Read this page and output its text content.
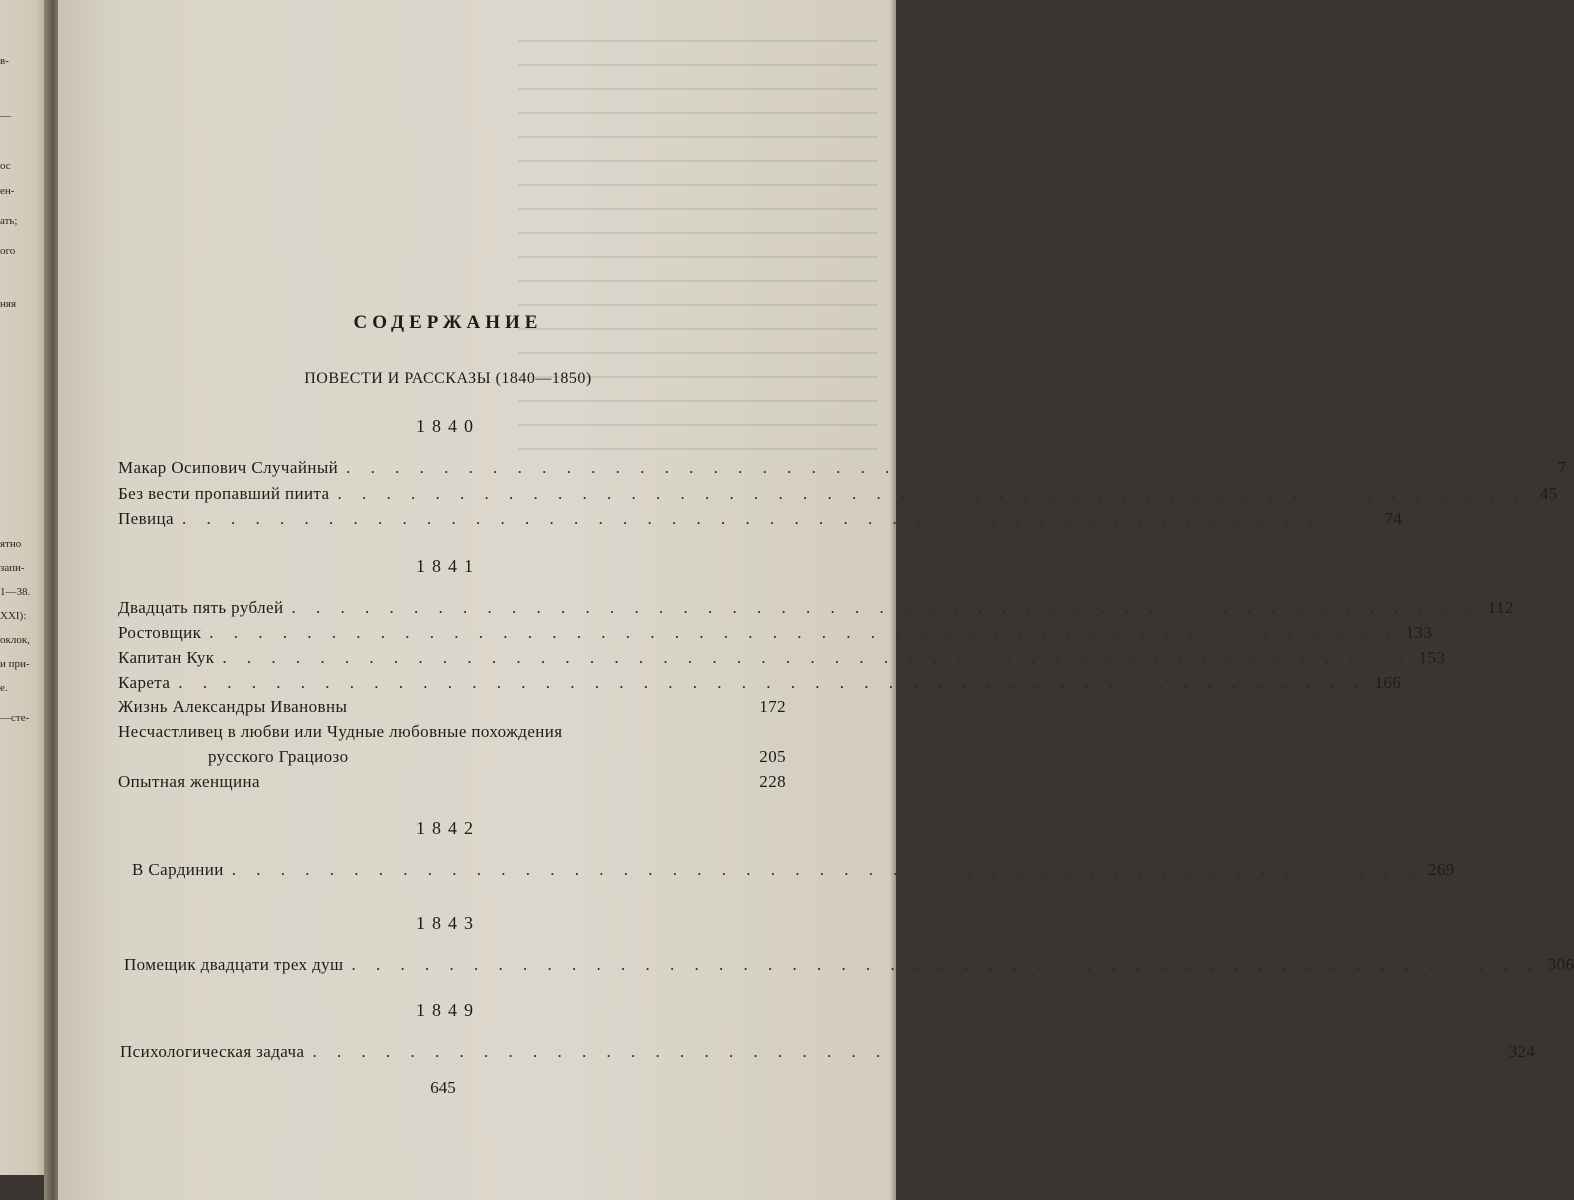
в-
—
ос
ен-
ать;
ого
няя
ятно
запи-
1—38.
XXI):
оклок,
и при-
е.
—сте-
СОДЕРЖАНИЕ
ПОВЕСТИ И РАССКАЗЫ (1840—1850)
1840
Макар Осипович Случайный . . . . . . . . . . . . . . . . . . . . . . . . . . . . . . . . . . . . . . . . . . . . . . . . .	7
Без вести пропавший пиита . . . . . . . . . . . . . . . . . . . . . . . . . . . . . . . . . . . . . . . . . . . . . . . . . 45
Певица . . . . . . . . . . . . . . . . . . . . . . . . . . . . . . . . . . . . . . . . . . . . . . . . . 74
1841
Двадцать пять рублей . . . . . . . . . . . . . . . . . . . . . . . . . . . . . . . . . . . . . . . . . . . . . . . . . 112
Ростовщик . . . . . . . . . . . . . . . . . . . . . . . . . . . . . . . . . . . . . . . . . . . . . . . . . 133
Капитан Кук . . . . . . . . . . . . . . . . . . . . . . . . . . . . . . . . . . . . . . . . . . . . . . . . . 153
Карета . . . . . . . . . . . . . . . . . . . . . . . . . . . . . . . . . . . . . . . . . . . . . . . . . 166
Жизнь Александры Ивановны	172
Несчастливец в любви или Чудные любовные похождения
русского Грациозо	205
Опытная женщина	228
1842
В Сардинии . . . . . . . . . . . . . . . . . . . . . . . . . . . . . . . . . . . . . . . . . . . . . . . . . 269
1843
Помещик двадцати трех душ . . . . . . . . . . . . . . . . . . . . . . . . . . . . . . . . . . . . . . . . . . . . . . . . . 306
1849
Психологическая задача . . . . . . . . . . . . . . . . . . . . . . . . . . . . . . . . . . . . . . . . . . . . . . . . . 324
645
